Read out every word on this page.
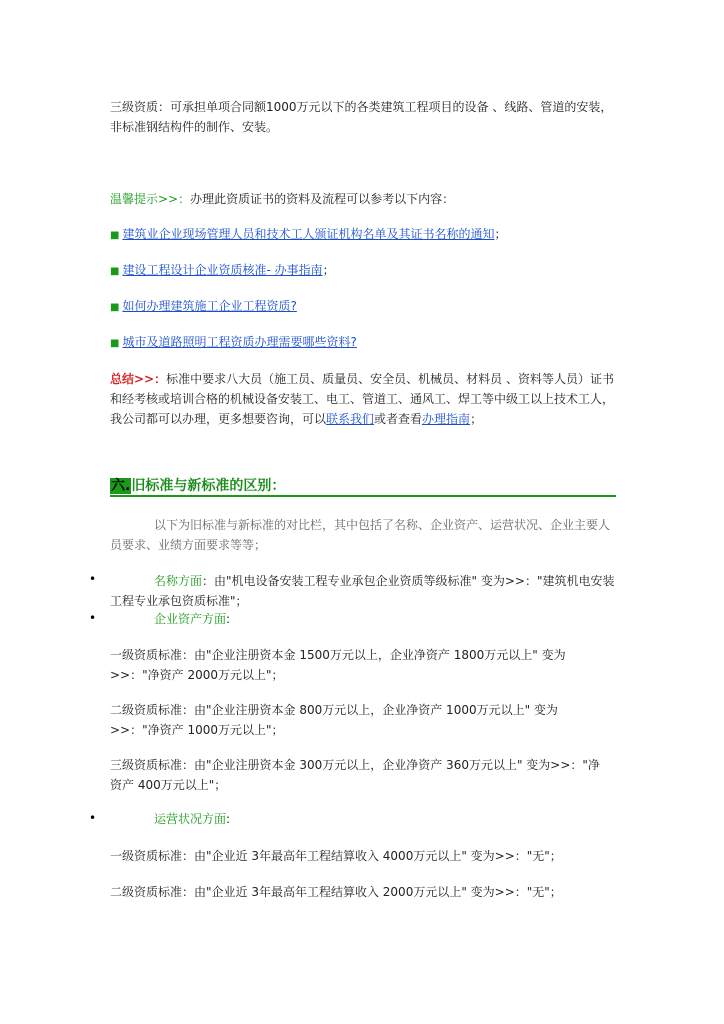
三级资质：可承担单项合同额1000万元以下的各类建筑工程项目的设备 、线路、管道的安装，非标准钢结构件的制作、安装。

温馨提示>>：办理此资质证书的资料及流程可以参考以下内容：

■ 建筑业企业现场管理人员和技术工人颁证机构名单及其证书名称的通知；

■ 建设工程设计企业资质核准- 办事指南；

■ 如何办理建筑施工企业工程资质?

■ 城市及道路照明工程资质办理需要哪些资料?

总结>>：标准中要求八大员（施工员、质量员、安全员、机械员、材料员 、资料等人员）证书和经考核或培训合格的机械设备安装工、电工、管道工、通风工、焊工等中级工以上技术工人，我公司都可以办理，更多想要咨询，可以联系我们或者查看办理指南；

六.旧标准与新标准的区别：

以下为旧标准与新标准的对比栏，其中包括了名称、企业资产、运营状况、企业主要人员要求、业绩方面要求等等；

•	名称方面：由"机电设备安装工程专业承包企业资质等级标准" 变为>>："建筑机电安装工程专业承包资质标准"；

•	企业资产方面:

一级资质标准：由"企业注册资本金 1500万元以上，企业净资产 1800万元以上" 变为>>："净资产 2000万元以上"；

二级资质标准：由"企业注册资本金 800万元以上，企业净资产 1000万元以上" 变为>>："净资产 1000万元以上"；

三级资质标准：由"企业注册资本金 300万元以上，企业净资产 360万元以上" 变为>>："净资产 400万元以上"；

•	运营状况方面:

一级资质标准：由"企业近 3年最高年工程结算收入 4000万元以上" 变为>>："无"；

二级资质标准：由"企业近 3年最高年工程结算收入 2000万元以上" 变为>>："无"；
